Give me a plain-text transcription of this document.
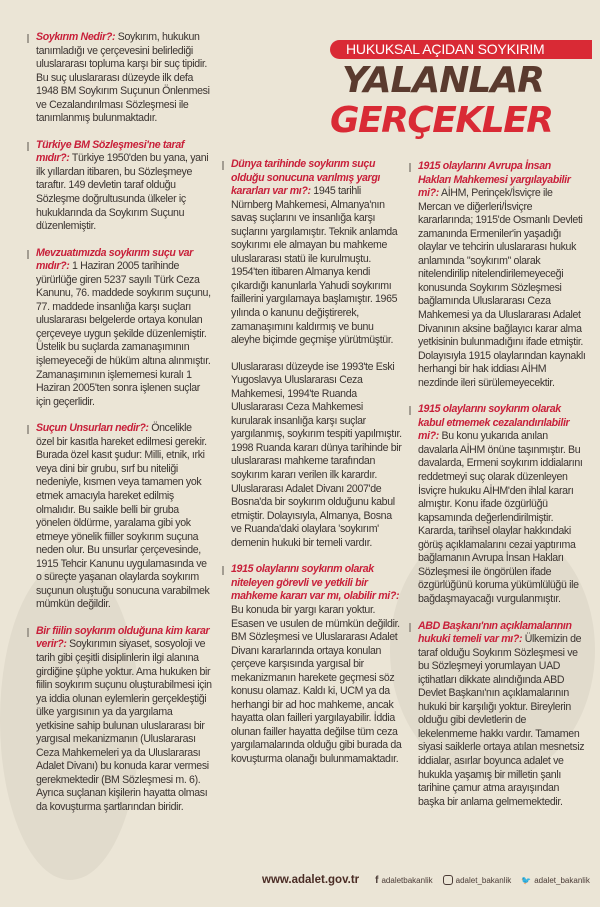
HUKUKSAL AÇIDAN SOYKIRIM
YALANLAR
GERÇEKLER
Soykırım Nedir?: Soykırım, hukukun tanımladığı ve çerçevesini belirlediği uluslararası topluma karşı bir suç tipidir. Bu suç uluslararası düzeyde ilk defa 1948 BM Soykırım Suçunun Önlenmesi ve Cezalandırılması Sözleşmesi ile tanımlanmış bulunmaktadır.
Türkiye BM Sözleşmesi'ne taraf mıdır?: Türkiye 1950'den bu yana, yani ilk yıllardan itibaren, bu Sözleşmeye taraftır. 149 devletin taraf olduğu Sözleşme doğrultusunda ülkeler iç hukuklarında da Soykırım Suçunu düzenlemiştir.
Mevzuatımızda soykırım suçu var mıdır?: 1 Haziran 2005 tarihinde yürürlüğe giren 5237 sayılı Türk Ceza Kanunu, 76. maddede soykırım suçunu, 77. maddede insanlığa karşı suçları uluslararası belgelerde ortaya konulan çerçeveye uygun şekilde düzenlemiştir. Üstelik bu suçlarda zamanaşımının işlemeyeceği de hüküm altına alınmıştır. Zamanaşımının işlememesi kuralı 1 Haziran 2005'ten sonra işlenen suçlar için geçerlidir.
Suçun Unsurları nedir?: Öncelikle özel bir kasıtla hareket edilmesi gerekir. Burada özel kasıt şudur: Milli, etnik, ırki veya dini bir grubu, sırf bu niteliği nedeniyle, kısmen veya tamamen yok etmek amacıyla hareket edilmiş olmalıdır. Bu saikle belli bir gruba yönelen öldürme, yaralama gibi yok etmeye yönelik fiiller soykırım suçuna neden olur. Bu unsurlar çerçevesinde, 1915 Tehcir Kanunu uygulamasında ve o süreçte yaşanan olaylarda soykırım suçunun oluştuğu sonucuna varabilmek mümkün değildir.
Bir fiilin soykırım olduğuna kim karar verir?: Soykırımın siyaset, sosyoloji ve tarih gibi çeşitli disiplinlerin ilgi alanına girdiğine şüphe yoktur. Ama hukuken bir fiilin soykırım suçunu oluşturabilmesi için ya iddia olunan eylemlerin gerçekleştiği ülke yargısının ya da yargılama yetkisine sahip bulunan uluslararası bir yargısal mekanizmanın (Uluslararası Ceza Mahkemeleri ya da Uluslararası Adalet Divanı) bu konuda karar vermesi gerekmektedir (BM Sözleşmesi m. 6). Ayrıca suçlanan kişilerin hayatta olması da kovuşturma şartlarından biridir.
Dünya tarihinde soykırım suçu olduğu sonucuna varılmış yargı kararları var mı?: 1945 tarihli Nürnberg Mahkemesi, Almanya'nın savaş suçlarını ve insanlığa karşı suçlarını yargılamıştır. Teknik anlamda soykırımı ele almayan bu mahkeme uluslararası statü ile kurulmuştu. 1954'ten itibaren Almanya kendi çıkardığı kanunlarla Yahudi soykırımı faillerini yargılamaya başlamıştır. 1965 yılında o kanunu değiştirerek, zamanaşımını kaldırmış ve bunu aleyhe biçimde geçmişe yürütmüştür.
Uluslararası düzeyde ise 1993'te Eski Yugoslavya Uluslararası Ceza Mahkemesi, 1994'te Ruanda Uluslararası Ceza Mahkemesi kurularak insanlığa karşı suçlar yargılanmış, soykırım tespiti yapılmıştır. 1998 Ruanda kararı dünya tarihinde bir uluslararası mahkeme tarafından soykırım kararı verilen ilk karardır. Uluslararası Adalet Divanı 2007'de Bosna'da bir soykırım olduğunu kabul etmiştir. Dolayısıyla, Almanya, Bosna ve Ruanda'daki olaylara 'soykırım' demenin hukuki bir temeli vardır.
1915 olaylarını soykırım olarak niteleyen görevli ve yetkili bir mahkeme kararı var mı, olabilir mi?: Bu konuda bir yargı kararı yoktur. Esasen ve usulen de mümkün değildir. BM Sözleşmesi ve Uluslararası Adalet Divanı kararlarında ortaya konulan çerçeve karşısında yargısal bir mekanizmanın harekete geçmesi söz konusu olamaz. Kaldı ki, UCM ya da herhangi bir ad hoc mahkeme, ancak hayatta olan failleri yargılayabilir. İddia olunan failler hayatta değilse tüm ceza yargılamalarında olduğu gibi burada da kovuşturma olanağı bulunmamaktadır.
1915 olaylarını Avrupa İnsan Hakları Mahkemesi yargılayabilir mi?: AİHM, Perinçek/İsviçre ile Mercan ve diğerleri/İsviçre kararlarında; 1915'de Osmanlı Devleti zamanında Ermeniler'in yaşadığı olaylar ve tehcirin uluslararası hukuk anlamında "soykırım" olarak nitelendirilip nitelendirilemeyeceği konusunda Soykırım Sözleşmesi bağlamında Uluslararası Ceza Mahkemesi ya da Uluslararası Adalet Divanının aksine bağlayıcı karar alma yetkisinin bulunmadığını ifade etmiştir. Dolayısıyla 1915 olaylarından kaynaklı herhangi bir hak iddiası AİHM nezdinde ileri sürülemeyecektir.
1915 olaylarını soykırım olarak kabul etmemek cezalandırılabilir mi?: Bu konu yukarıda anılan davalarla AİHM önüne taşınmıştır. Bu davalarda, Ermeni soykırım iddialarını reddetmeyi suç olarak düzenleyen İsviçre hukuku AİHM'den ihlal kararı almıştır. Konu ifade özgürlüğü kapsamında değerlendirilmiştir. Kararda, tarihsel olaylar hakkındaki görüş açıklamalarını cezai yaptırıma bağlamanın Avrupa İnsan Hakları Sözleşmesi ile öngörülen ifade özgürlüğünü koruma yükümlülüğü ile bağdaşmayacağı vurgulanmıştır.
ABD Başkanı'nın açıklamalarının hukuki temeli var mı?: Ülkemizin de taraf olduğu Soykırım Sözleşmesi ve bu Sözleşmeyi yorumlayan UAD içtihatları dikkate alındığında ABD Devlet Başkanı'nın açıklamalarının hukuki bir karşılığı yoktur. Bireylerin olduğu gibi devletlerin de lekelenmeme hakkı vardır. Tamamen siyasi saiklerle ortaya atılan mesnetsiz iddialar, asırlar boyunca adalet ve hukukla yaşamış bir milletin şanlı tarihine çamur atma arayışından başka bir anlama gelmemektedir.
www.adalet.gov.tr f adaletbakanlik	adalet_bakanlik 🐦 adalet_bakanlik
